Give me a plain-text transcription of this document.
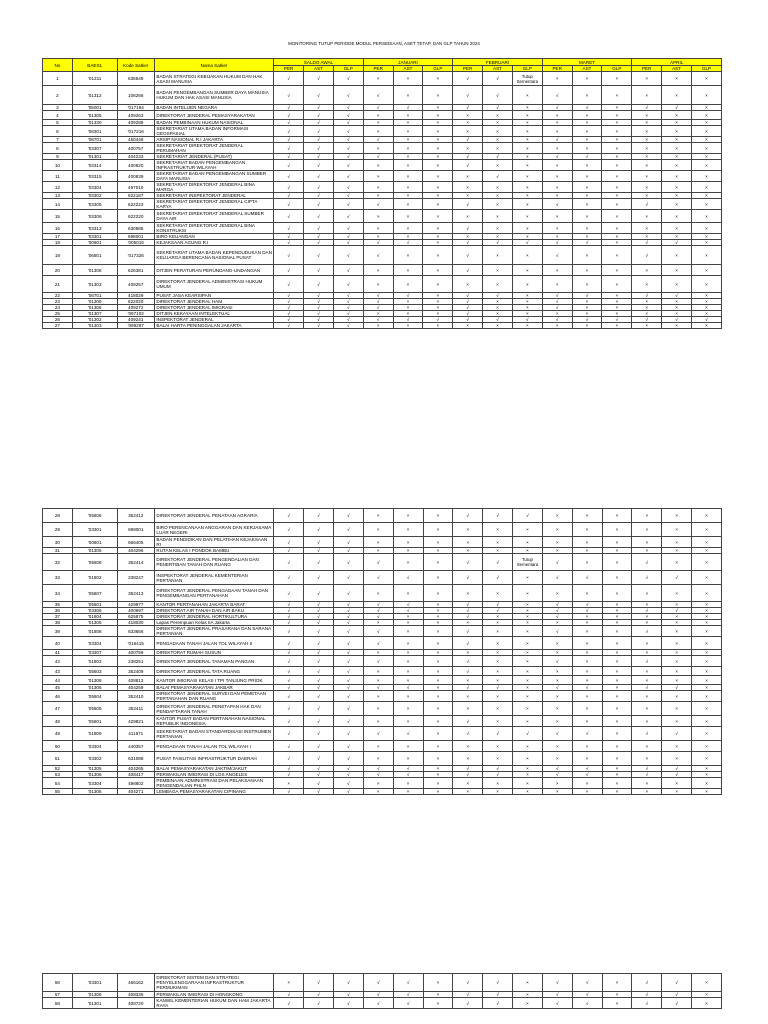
MONITORING TUTUP PERIODE MODUL PERSEDIAAN, ASET TETAP, DAN GLP TAHUN 2024
No	BAES1	Kode Satker	Nama Satker	SALDO AWAL			JANUARI			FEBRUARI			MARET			APRIL		
				PER	AST	GLP	PER	AST	GLP	PER	AST	GLP	PER	AST	GLP	PER	AST	GLP
1	'01311	635549	BADAN STRATEGI KEBIJAKAN HUKUM DAN HAK ASASI MANUSIA	√	√	√	×	×	×	√	√	Tutup Sementara	×	×	×	×	×	×
2	'01312	108266	BADAN PENGEMBANGAN SUMBER DAYA MANUSIA HUKUM DAN HAK ASASI MANUSIA	√	√	√	√	×	×	√	√	×	√	×	×	×	×	×
3	'05001	'017194	BADAN INTELIJEN NEGARA	√	√	√	√	√	×	√	√	×	√	√	×	√	√	×
4	'01305	409263	DIREKTORAT JENDERAL PEMASYARAKATAN	√	√	√	×	×	×	×	×	×	×	×	×	×	×	×
5	'01330	409288	BADAN PEMBINAAN HUKUM NASIONAL	√	√	√	×	×	×	×	×	×	×	×	×	×	×	×
6	'08301	'017216	SEKRETARIAT UTAMA BADAN INFORMASI GEOSPASIAL	√	√	√	×	×	×	×	×	×	×	×	×	×	×	×
7	'08701	450448	ARSIP NASIONAL R.I JAKARTA	√	√	√	√	×	×	√	×	×	√	×	×	×	×	×
8	'03307	400757	SEKRETARIAT DIREKTORAT JENDERAL PERUMAHAN	√	√	√	×	×	×	×	×	×	×	×	×	×	×	×
9	'01301	404233	SEKRETARIAT JENDERAL (PUSAT)	√	√	√	√	×	×	√	√	×	√	√	×	×	×	×
10	'03314	400820	SEKRETARIAT BADAN PENGEMBANGAN INFRASTRUKTUR WILAYAH	√	√	√	×	×	×	√	×	×	×	×	×	×	×	×
11	'03315	400839	SEKRETARIAT BADAN PENGEMBANGAN SUMBER DAYA MANUSIA	√	√	√	×	×	×	×	√	×	×	×	×	×	×	×
12	'03304	497010	SEKRETARIAT DIREKTORAT JENDERAL BINA MARGA	√	√	√	×	×	×	×	×	×	×	×	×	×	×	×
13	'03302	622187	SEKRETARIAT INSPEKTORAT JENDERAL	√	√	√	×	×	×	×	×	×	×	×	×	×	×	×
14	'03305	622223	SEKRETARIAT DIREKTORAT JENDERAL CIPTA KARYA	√	√	√	√	×	×	√	×	×	√	×	×	√	×	×
15	'03306	622220	SEKRETARIAT DIREKTORAT JENDERAL SUMBER DAYA AIR	√	√	√	×	×	×	×	×	×	×	×	×	×	×	×
16	'03313	630885	SEKRETARIAT DIREKTORAT JENDERAL BINA KONSTRUKSI	√	√	√	×	×	×	√	×	×	×	×	×	×	×	×
17	'03301	698001	BIRO KEUANGAN	√	√	√	×	×	×	×	×	×	×	×	×	×	×	×
18	'00601	'005016	KEJAKSAAN AGUNG R.I	√	√	√	√	√	×	√	√	√	√	√	×	√	√	×
19	'06801	'017326	SEKRETARIAT UTAMA BADAN KEPENDUDUKAN DAN KELUARGA BERENCANA NASIONAL PUSAT	√	√	√	√	×	×	√	×	×	√	×	×	√	×	×
20	'01308	626381	DITJEN PERATURAN PERUNDANG-UNDANGAN	√	√	√	×	×	×	√	×	×	×	×	×	×	×	×
21	'01303	409257	DIREKTORAT JENDERAL ADMINISTRASI HUKUM UMUM	√	√	√	×	×	×	×	×	×	×	×	×	×	×	×
22	'08701	418029	PUSAT JASA KEARSIPAN	√	√	√	√	√	×	√	√	×	√	√	×	√	√	×
23	'01309	622020	DIREKTORAT JENDERAL HAM	√	√	√	√	×	×	√	×	×	√	×	×	×	×	×
24	'01306	409272	DIREKTORAT JENDERAL IMIGRASI	√	√	√	√	×	×	√	×	×	√	×	×	×	×	×
25	'01307	'097102	DITJEN KEKAYAAN INTELEKTUAL	√	√	√	×	×	×	√	×	×	×	×	×	×	×	×
26	'01302	409241	INSPEKTORAT JENDERAL	√	√	√	√	√	√	√	√	√	√	√	√	√	√	√
27	'01303	'099297	BALAI HARTA PENINGGALAN JAKARTA	√	√	√	×	×	×	×	×	×	×	×	×	×	×	×
28	'05606	352412	DIREKTORAT JENDERAL PENATAAN AGRARIA	√	√	√	×	×	×	√	√	√	×	×	×	×	×	×
29	'03301	698001	BIRO PERENCANAAN ANGGARAN DAN KERJASAMA LUAR NEGERI	√	√	√	×	×	×	×	×	×	×	×	×	×	×	×
30	'00601	666405	BADAN PENDIDIKAN DAN PELATIHAN KEJAKSAAN RI	√	√	√	×	×	×	×	×	×	×	×	×	×	×	×
31	'01305	404296	RUTAN KELAS I PONDOK BAMBU	√	√	√	×	×	×	×	×	×	×	×	×	×	×	×
32	'05608	352414	DIREKTORAT JENDERAL PENGENDALIAN DAN PENERTIBAN TANAH DAN RUANG	√	√	√	√	×	×	√	√	Tutup Sementara	√	×	×	√	×	×
33	'01802	238247	INSPEKTORAT JENDERAL KEMENTERIAN PERTANIAN	√	√	√	√	√	×	√	√	×	√	√	×	√	√	×
34	'05607	352413	DIREKTORAT JENDERAL PENGADAAN TANAH DAN PENGEMBANGAN PERTANAHAN	√	√	√	×	×	×	×	×	×	×	×	×	×	×	×
35	'05601	429977	KANTOR PERTANAHAN JAKARTA BARAT	√	√	√	√	√	×	√	√	×	√	√	×	×	×	×
36	'03306	400697	DIREKTORAT AIR TANAH DAN AIR BAKU	√	√	√	√	√	×	√	√	×	√	√	×	√	√	×
37	'01804	625875	DIREKTORAT JENDERAL HORTIKULTURA	√	√	√	√	×	×	√	×	×	√	×	×	×	×	×
38	'01305	418030	Lapas Perempuan Kelas IIA Jakarta	√	√	√	×	×	×	×	×	×	×	×	×	×	×	×
39	'01808	633656	DIREKTORAT JENDERAL PRASARANA DAN SARANA PERTANIAN	√	√	√	√	×	×	√	×	×	√	×	×	√	×	×
40	'03304	'015415	PENGADAAN TANAH JALAN TOL WILAYAH II	√	√	√	√	×	×	√	×	×	×	×	×	×	×	×
41	'03307	400759	DIREKTORAT RUMAH SUSUN	√	√	√	×	×	×	×	×	×	×	×	×	×	×	×
42	'01803	238251	DIREKTORAT JENDERAL TANAMAN PANGAN	√	√	√	√	×	×	√	×	×	√	×	×	√	×	×
43	'05603	352409	DIREKTORAT JENDERAL TATA RUANG	√	√	√	×	×	×	√	×	×	×	×	×	×	×	×
44	'01306	408813	KANTOR IMIGRASI KELAS I TPI TANJUNG PRIOK	√	√	√	×	×	×	×	×	×	×	×	×	×	×	×
45	'01305	404259	BALAI PEMASYARAKATAN JAKBAR	√	√	√	√	√	×	√	√	×	√	√	×	√	√	×
46	'05604	352410	DIREKTORAT JENDERAL SURVEI DAN PEMETAAN PERTANAHAN DAN RUANG	√	√	√	×	×	×	×	×	×	×	×	×	×	×	×
47	'05605	352411	DIREKTORAT JENDERAL PENETAPAN HAK DAN PENDAFTARAN TANAH	√	√	√	×	×	×	×	×	×	×	×	×	×	×	×
48	'05601	429821	KANTOR PUSAT BADAN PERTANAHAN NASIONAL REPUBLIK INDONESIA	√	√	√	×	×	×	√	×	×	×	×	×	×	×	×
49	'01809	411971	SEKRETARIAT BADAN STANDARDISASI INSTRUMEN PERTANIAN	√	√	√	√	√	×	√	√	√	√	√	×	√	√	×
50	'03304	440357	PENGADAAN TANAH JALAN TOL WILAYAH I	√	√	√	×	×	×	×	×	×	×	×	×	×	×	×
51	'03302	631088	PUSAT FASILITASI INFRASTRUKTUR DAERAH	√	√	√	×	×	×	×	×	×	×	×	×	×	×	×
52	'01305	404265	BALAI PEMASYARAKATAN JAKTIM/JAKUT	√	√	√	√	√	×	√	√	×	√	√	×	√	√	×
53	'01306	408417	PERWAKILAN IMIGRASI DI LOS ANGELES	√	√	√	√	√	×	√	√	×	√	√	×	√	√	×
54	'03304	498802	PEMBINAAN ADMINISTRASI DAN PELAKSANAAN PENGENDALIAN PHLN	×	√	√	×	×	×	×	×	×	×	×	×	×	×	×
55	'01305	404271	LEMBAGA PEMASYARAKATAN CIPINANG	√	√	√	×	×	×	×	×	×	×	×	×	×	×	×
56	'03301	466162	DIREKTORAT SISTEM DAN STRATEGI PENYELENGGARAAN INFRASTRUKTUR PERMUKIMAN	×	√	√	√	√	×	√	√	×	√	√	×	√	√	×
57	'01306	408335	PERWAKILAN IMIGRASI DI HONGKONG	√	√	√	√	√	×	√	√	×	√	√	×	√	√	×
58	'01301	408720	KANWIL KEMENTERIAN HUKUM DAN HAM JAKARTA RAYA	√	√	√	√	√	×	√	√	×	√	√	×	√	√	×
